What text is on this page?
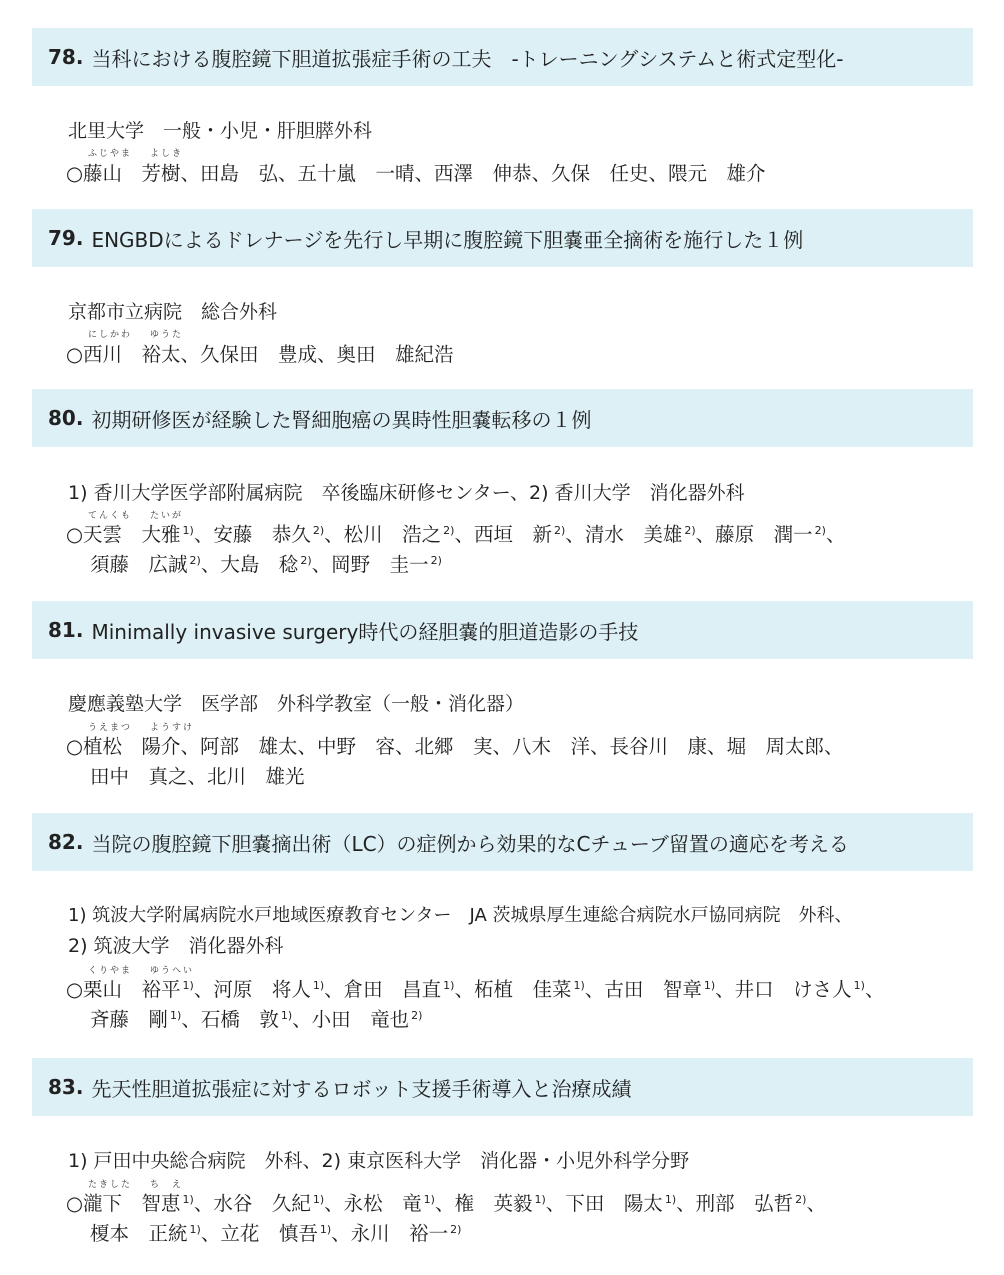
78 . 当科における腹腔鏡下胆道拡張症手術の工夫　-トレーニングシステムと術式定型化-
北里大学　一般・小児・肝胆膵外科
ふじやま よしき
○藤山　芳樹、田島　弘、五十嵐　一晴、西澤　伸恭、久保　任史、隈元　雄介
79 . ENGBDによるドレナージを先行し早期に腹腔鏡下胆嚢亜全摘術を施行した１例
京都市立病院　総合外科
にしかわ ゆうた
○西川　裕太、久保田　豊成、奥田　雄紀浩
80 . 初期研修医が経験した腎細胞癌の異時性胆嚢転移の１例
1) 香川大学医学部附属病院　卒後臨床研修センター、2) 香川大学　消化器外科
てんくも たいが
○天雲　大雅 $^{1)}$、安藤　恭久 $^{2)}$、松川　浩之 $^{2)}$、西垣　新 $^{2)}$、清水　美雄 $^{2)}$、藤原　潤一 $^{2)}$、
須藤　広誠 $^{2)}$、大島　稔 $^{2)}$、岡野　圭一 $^{2)}$
81 . Minimally invasive surgery時代の経胆嚢的胆道造影の手技
慶應義塾大学　医学部　外科学教室（一般・消化器）
うえまつ ようすけ
○植松　陽介、阿部　雄太、中野　容、北郷　実、八木　洋、長谷川　康、堀　周太郎、
田中　真之、北川　雄光
82 . 当院の腹腔鏡下胆嚢摘出術（LC）の症例から効果的なCチューブ留置の適応を考える
1) 筑波大学附属病院水戸地域医療教育センター　JA 茨城県厚生連総合病院水戸協同病院　外科、
2) 筑波大学　消化器外科
くりやま ゆうへい
○栗山　裕平 $^{1)}$、河原　将人 $^{1)}$、倉田　昌直 $^{1)}$、柘植　佳菜 $^{1)}$、古田　智章 $^{1)}$、井口　けさ人 $^{1)}$、
斉藤　剛 $^{1)}$、石橋　敦 $^{1)}$、小田　竜也 $^{2)}$
83 . 先天性胆道拡張症に対するロボット支援手術導入と治療成績
1) 戸田中央総合病院　外科、2) 東京医科大学　消化器・小児外科学分野
たきした ち　え
○瀧下　智恵 $^{1)}$、水谷　久紀 $^{1)}$、永松　竜 $^{1)}$、権　英毅 $^{1)}$、下田　陽太 $^{1)}$、刑部　弘哲 $^{2)}$、
榎本　正統 $^{1)}$、立花　慎吾 $^{1)}$、永川　裕一 $^{2)}$
